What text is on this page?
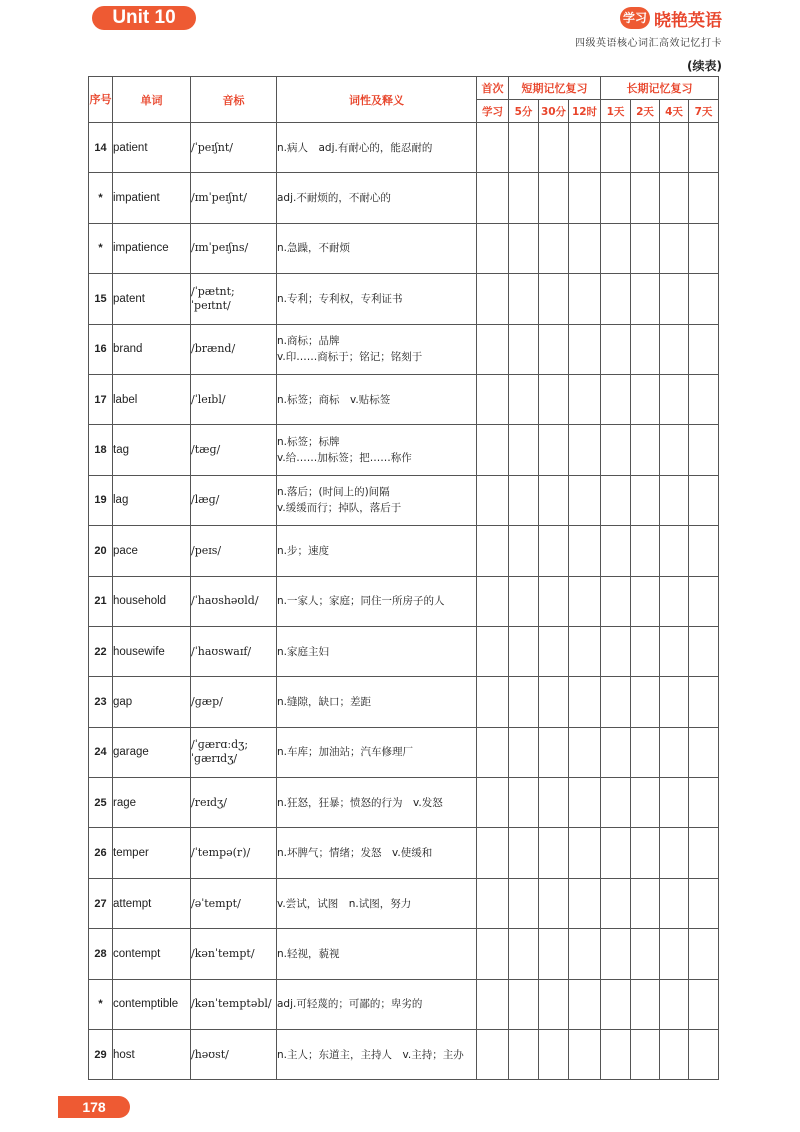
Unit 10	学习 晓艳英语
四级英语核心词汇高效记忆打卡
(续表)
序号	单词	音标	词性及释义	首次	短期记忆复习			长期记忆复习			
				学习	5分	30分	12时	1天	2天	4天	7天
14	patient	/ˈpeɪʃnt/	n.病人　adj.有耐心的，能忍耐的								

*	impatient	/ɪmˈpeɪʃnt/	adj.不耐烦的，不耐心的								

*	impatience	/ɪmˈpeɪʃns/	n.急躁，不耐烦								

15	patent	/ˈpætnt; ˈpeɪtnt/	n.专利；专利权，专利证书								

16	brand	/brænd/	n.商标；品牌
v.印……商标于；铭记；铭刻于								

17	label	/ˈleɪbl/	n.标签；商标　v.贴标签								

18	tag	/tæɡ/	n.标签；标牌
v.给……加标签；把……称作								

19	lag	/læɡ/	n.落后；(时间上的)间隔
v.缓缓而行；掉队，落后于								

20	pace	/peɪs/	n.步；速度								

21	household	/ˈhaʊshəʊld/	n.一家人；家庭；同住一所房子的人								

22	housewife	/ˈhaʊswaɪf/	n.家庭主妇								

23	gap	/ɡæp/	n.缝隙，缺口；差距								

24	garage	/ˈɡærɑːdʒ; ˈɡærɪdʒ/	n.车库；加油站；汽车修理厂								

25	rage	/reɪdʒ/	n.狂怒，狂暴；愤怒的行为　v.发怒								

26	temper	/ˈtempə(r)/	n.坏脾气；情绪；发怒　v.使缓和								

27	attempt	/əˈtempt/	v.尝试，试图　n.试图，努力								

28	contempt	/kənˈtempt/	n.轻视，藐视								

*	contemptible	/kənˈtemptəbl/	adj.可轻蔑的；可鄙的；卑劣的								

29	host	/həʊst/	n.主人；东道主，主持人　v.主持；主办								

178
